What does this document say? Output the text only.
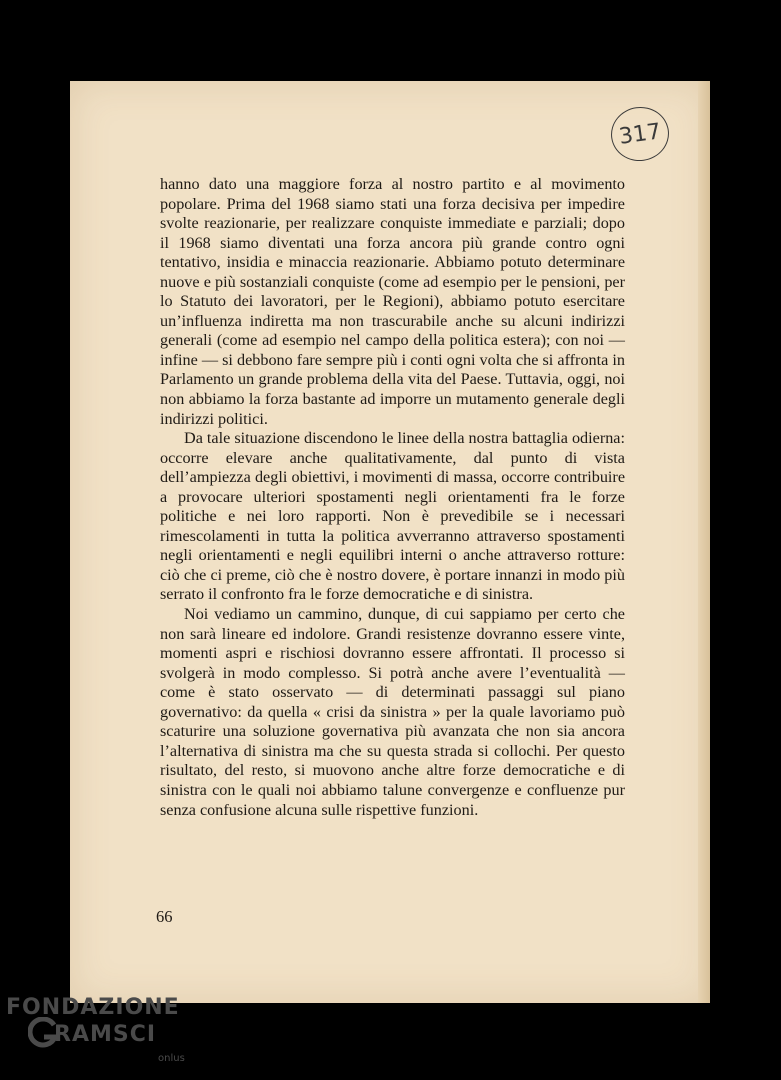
317

hanno dato una maggiore forza al nostro partito e al movimento popolare. Prima del 1968 siamo stati una forza decisiva per impedire svolte reazionarie, per realizzare conquiste immediate e parziali; dopo il 1968 siamo diventati una forza ancora più grande contro ogni tentativo, insidia e minaccia reazionarie. Abbiamo potuto determinare nuove e più sostanziali conquiste (come ad esempio per le pensioni, per lo Statuto dei lavoratori, per le Regioni), abbiamo potuto esercitare un’influenza indiretta ma non trascurabile anche su alcuni indirizzi generali (come ad esempio nel campo della politica estera); con noi — infine — si debbono fare sempre più i conti ogni volta che si affronta in Parlamento un grande problema della vita del Paese. Tuttavia, oggi, noi non abbiamo la forza bastante ad imporre un mutamento generale degli indirizzi politici.

Da tale situazione discendono le linee della nostra battaglia odierna: occorre elevare anche qualitativamente, dal punto di vista dell’ampiezza degli obiettivi, i movimenti di massa, occorre contribuire a provocare ulteriori spostamenti negli orientamenti fra le forze politiche e nei loro rapporti. Non è prevedibile se i necessari rimescolamenti in tutta la politica avverranno attraverso spostamenti negli orientamenti e negli equilibri interni o anche attraverso rotture: ciò che ci preme, ciò che è nostro dovere, è portare innanzi in modo più serrato il confronto fra le forze democratiche e di sinistra.

Noi vediamo un cammino, dunque, di cui sappiamo per certo che non sarà lineare ed indolore. Grandi resistenze dovranno essere vinte, momenti aspri e rischiosi dovranno essere affrontati. Il processo si svolgerà in modo complesso. Si potrà anche avere l’eventualità — come è stato osservato — di determinati passaggi sul piano governativo: da quella « crisi da sinistra » per la quale lavoriamo può scaturire una soluzione governativa più avanzata che non sia ancora l’alternativa di sinistra ma che su questa strada si collochi. Per questo risultato, del resto, si muovono anche altre forze democratiche e di sinistra con le quali noi abbiamo talune convergenze e confluenze pur senza confusione alcuna sulle rispettive funzioni.

66
FONDAZIONE
RAMSCI
onlus
